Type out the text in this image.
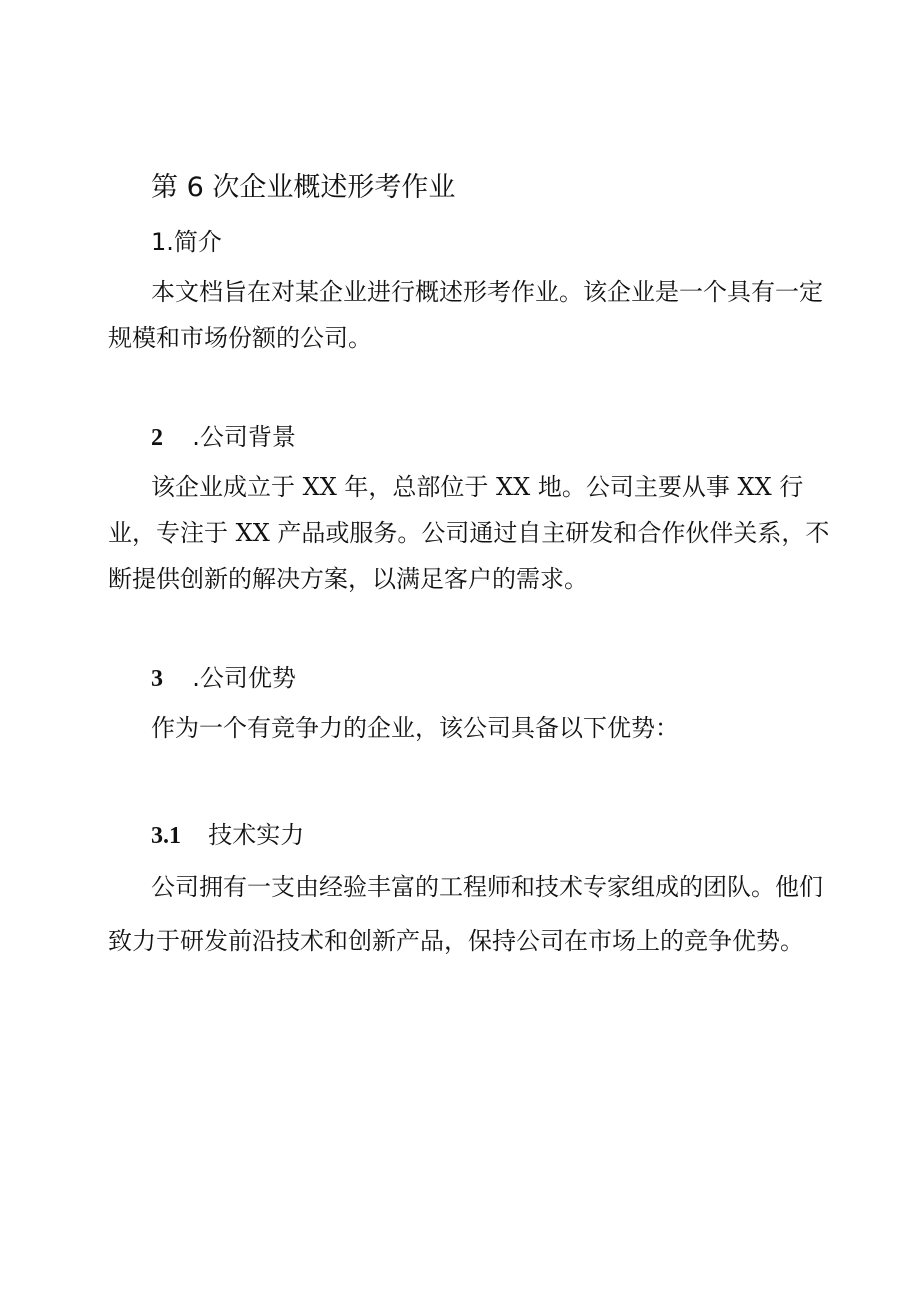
第 6 次企业概述形考作业
1.简介
本文档旨在对某企业进行概述形考作业。该企业是一个具有一定
规模和市场份额的公司。
2 .公司背景
该企业成立于 XX 年，总部位于 XX 地。公司主要从事 XX 行
业，专注于 XX 产品或服务。公司通过自主研发和合作伙伴关系，不
断提供创新的解决方案，以满足客户的需求。
3 .公司优势
作为一个有竞争力的企业，该公司具备以下优势：
3.1 技术实力
公司拥有一支由经验丰富的工程师和技术专家组成的团队。他们
致力于研发前沿技术和创新产品，保持公司在市场上的竞争优势。
